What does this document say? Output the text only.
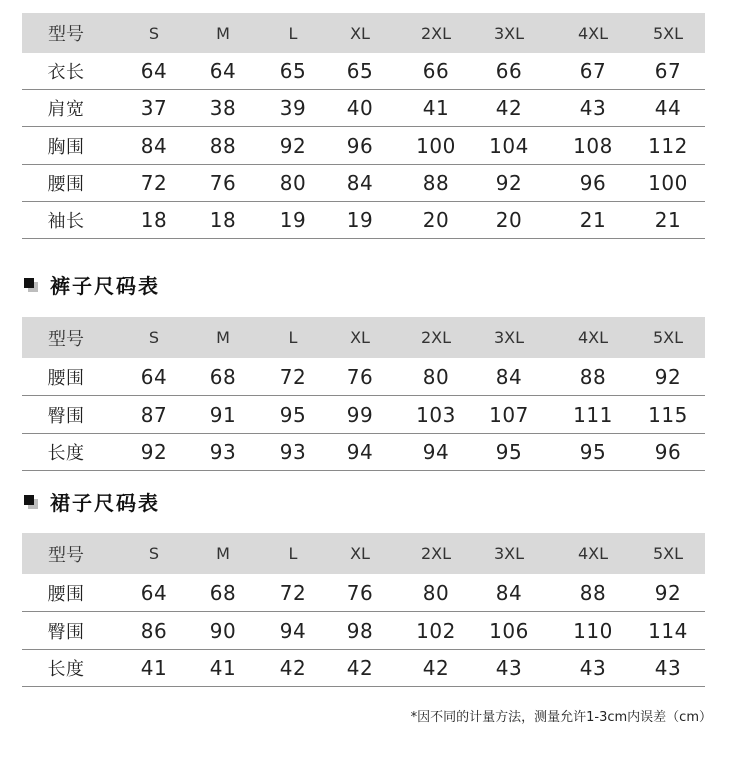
型号	S	M	L	XL	2XL	3XL	4XL	5XL
衣长	64	64	65	65	66	66	67	67
肩宽	37	38	39	40	41	42	43	44
胸围	84	88	92	96	100	104	108	112
腰围	72	76	80	84	88	92	96	100
袖长	18	18	19	19	20	20	21	21
裤子尺码表
型号	S	M	L	XL	2XL	3XL	4XL	5XL
腰围	64	68	72	76	80	84	88	92
臀围	87	91	95	99	103	107	111	115
长度	92	93	93	94	94	95	95	96
裙子尺码表
型号	S	M	L	XL	2XL	3XL	4XL	5XL
腰围	64	68	72	76	80	84	88	92
臀围	86	90	94	98	102	106	110	114
长度	41	41	42	42	42	43	43	43
*因不同的计量方法，测量允许1-3cm内误差（cm）
